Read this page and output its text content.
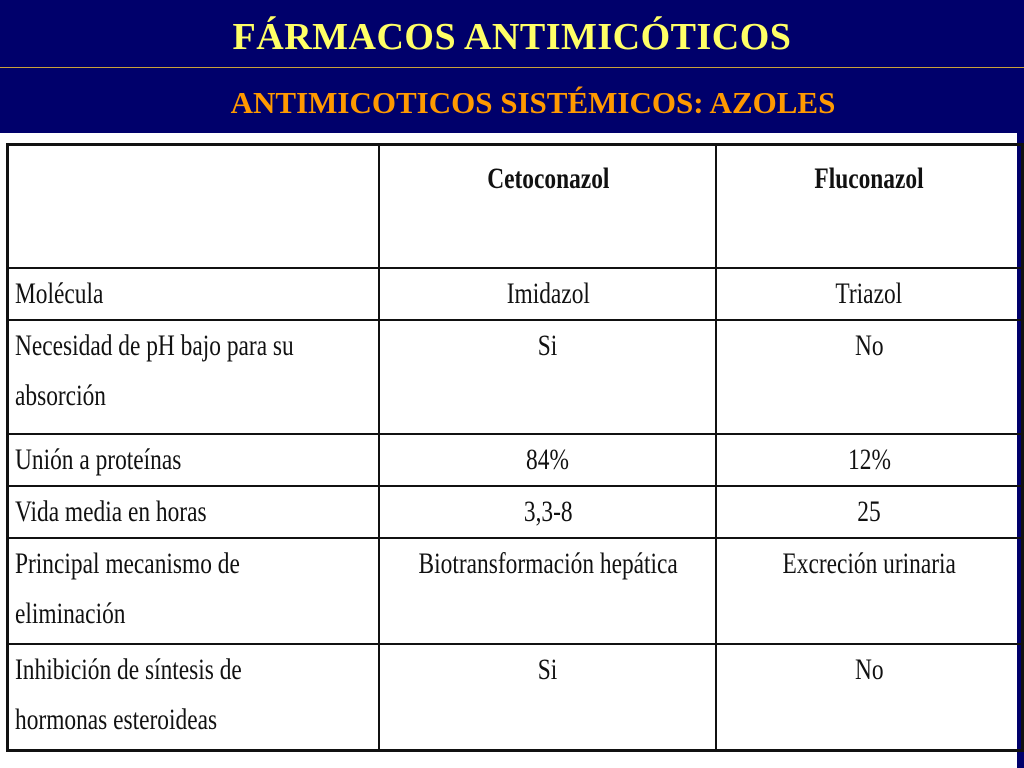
FÁRMACOS ANTIMICÓTICOS
ANTIMICOTICOS SISTÉMICOS: AZOLES
	Cetoconazol	Fluconazol
Molécula	Imidazol	Triazol
Necesidad de pH bajo para su
absorción	Si	No
Unión a proteínas	84%	12%
Vida media en horas	3,3-8	25
Principal mecanismo de
eliminación	Biotransformación hepática	Excreción urinaria
Inhibición de síntesis de
hormonas esteroideas	Si	No
